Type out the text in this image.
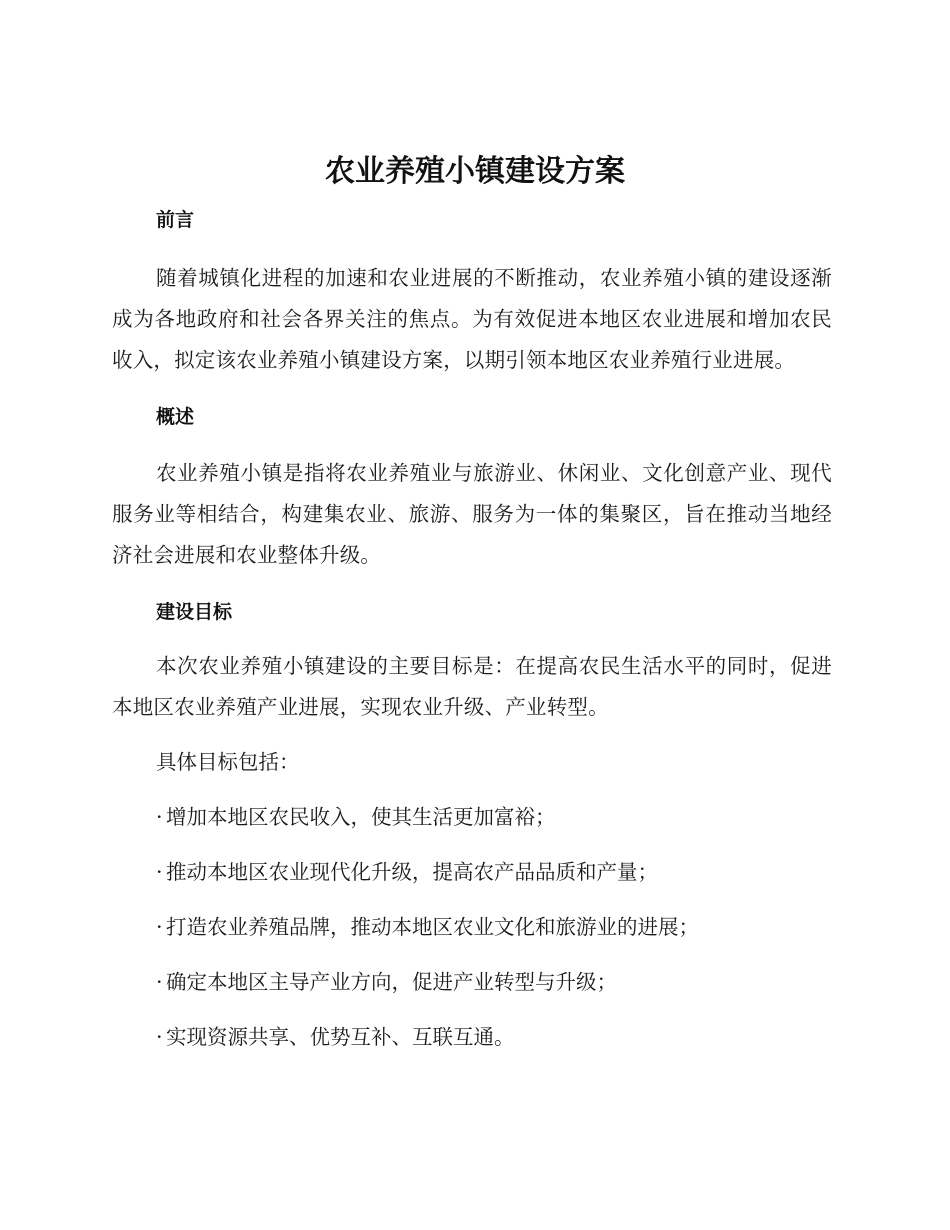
农业养殖小镇建设方案

前言

随着城镇化进程的加速和农业进展的不断推动，农业养殖小镇的建设逐渐成为各地政府和社会各界关注的焦点。为有效促进本地区农业进展和增加农民收入，拟定该农业养殖小镇建设方案，以期引领本地区农业养殖行业进展。

概述

农业养殖小镇是指将农业养殖业与旅游业、休闲业、文化创意产业、现代服务业等相结合，构建集农业、旅游、服务为一体的集聚区，旨在推动当地经济社会进展和农业整体升级。

建设目标

本次农业养殖小镇建设的主要目标是：在提高农民生活水平的同时，促进本地区农业养殖产业进展，实现农业升级、产业转型。

具体目标包括：

· 增加本地区农民收入，使其生活更加富裕；

· 推动本地区农业现代化升级，提高农产品品质和产量；

· 打造农业养殖品牌，推动本地区农业文化和旅游业的进展；

· 确定本地区主导产业方向，促进产业转型与升级；

· 实现资源共享、优势互补、互联互通。
